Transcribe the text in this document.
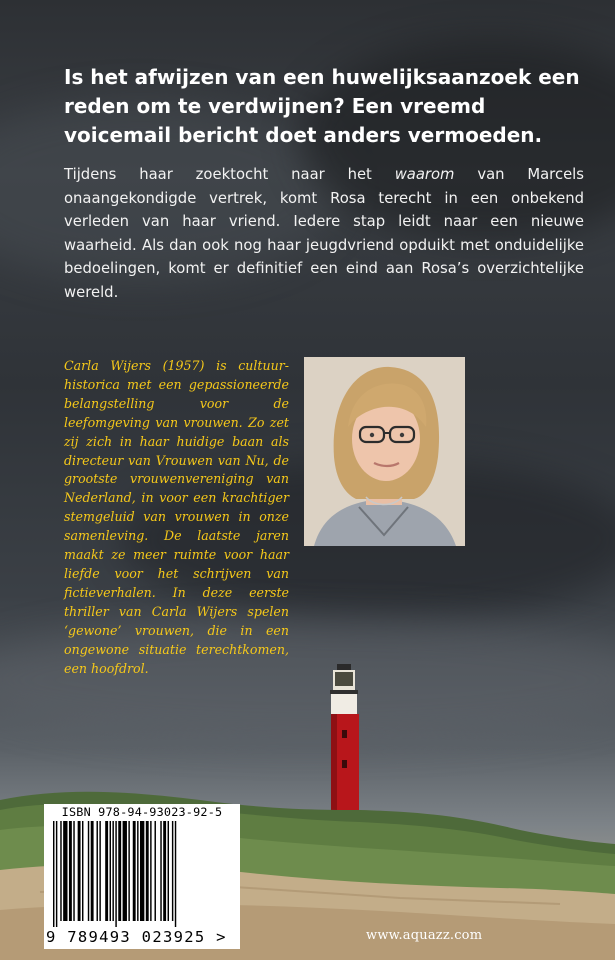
Is het afwijzen van een huwelijksaanzoek een reden om te verdwijnen? Een vreemd voicemail bericht doet anders vermoeden.

Tijdens haar zoektocht naar het waarom van Marcels onaangekondigde vertrek, komt Rosa terecht in een onbekend verleden van haar vriend. Iedere stap leidt naar een nieuwe waarheid. Als dan ook nog haar jeugdvriend opduikt met onduidelijke bedoelingen, komt er definitief een eind aan Rosa’s overzichtelijke wereld.

Carla Wijers (1957) is cultuur-historica met een gepassioneerde belangstelling voor de leefomgeving van vrouwen. Zo zet zij zich in haar huidige baan als directeur van Vrouwen van Nu, de grootste vrouwenvereniging van Nederland, in voor een krachtiger stemgeluid van vrouwen in onze samenleving. De laatste jaren maakt ze meer ruimte voor haar liefde voor het schrijven van fictieverhalen. In deze eerste thriller van Carla Wijers spelen ‘gewone’ vrouwen, die in een ongewone situatie terechtkomen, een hoofdrol.

www.aquazz.com

ISBN 978-94-93023-92-5
9 789493 023925 >
